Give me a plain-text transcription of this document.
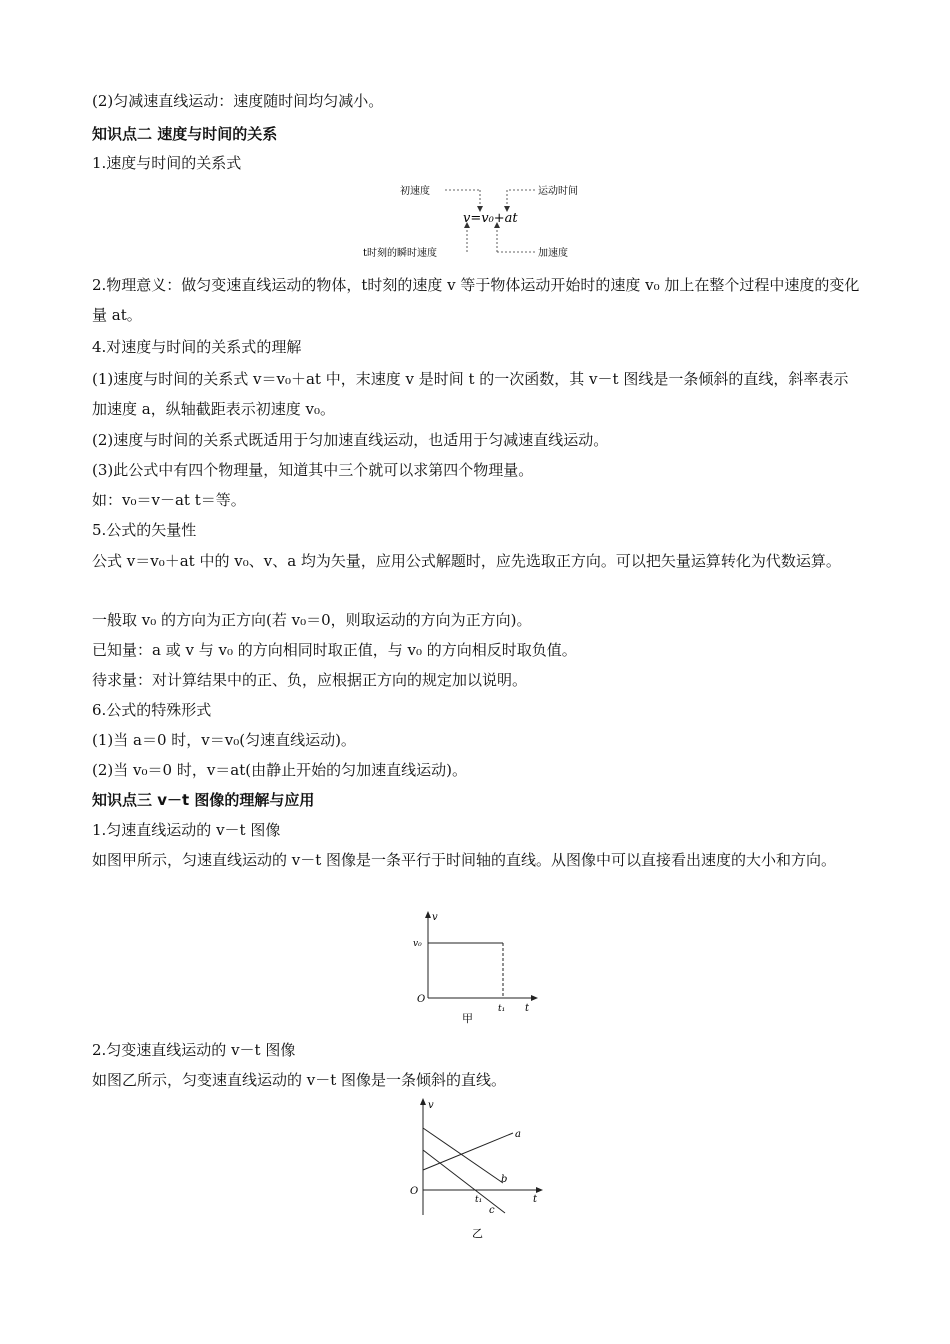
(2)匀减速直线运动：速度随时间均匀减小。
知识点二 速度与时间的关系
1.速度与时间的关系式
初速度	运动时间
v=v₀+at
t时刻的瞬时速度	加速度
2.物理意义：做匀变速直线运动的物体，t时刻的速度 v 等于物体运动开始时的速度 v₀ 加上在整个过程中速度的变化量 at。
4.对速度与时间的关系式的理解
(1)速度与时间的关系式 v＝v₀＋at 中，末速度 v 是时间 t 的一次函数，其 v－t 图线是一条倾斜的直线，斜率表示加速度 a，纵轴截距表示初速度 v₀。
(2)速度与时间的关系式既适用于匀加速直线运动，也适用于匀减速直线运动。
(3)此公式中有四个物理量，知道其中三个就可以求第四个物理量。
如：v₀＝v－at t＝等。
5.公式的矢量性
公式 v＝v₀＋at 中的 v₀、v、a 均为矢量，应用公式解题时，应先选取正方向。可以把矢量运算转化为代数运算。
一般取 v₀ 的方向为正方向(若 v₀＝0，则取运动的方向为正方向)。
已知量：a 或 v 与 v₀ 的方向相同时取正值，与 v₀ 的方向相反时取负值。
待求量：对计算结果中的正、负，应根据正方向的规定加以说明。
6.公式的特殊形式
(1)当 a＝0 时，v＝v₀(匀速直线运动)。
(2)当 v₀＝0 时，v＝at(由静止开始的匀加速直线运动)。
知识点三 v－t 图像的理解与应用
1.匀速直线运动的 v－t 图像
如图甲所示，匀速直线运动的 v－t 图像是一条平行于时间轴的直线。从图像中可以直接看出速度的大小和方向。
v
t
O
v₀
t₁
甲
2.匀变速直线运动的 v－t 图像
如图乙所示，匀变速直线运动的 v－t 图像是一条倾斜的直线。
v
t
O
t₁
a
b
c
乙
